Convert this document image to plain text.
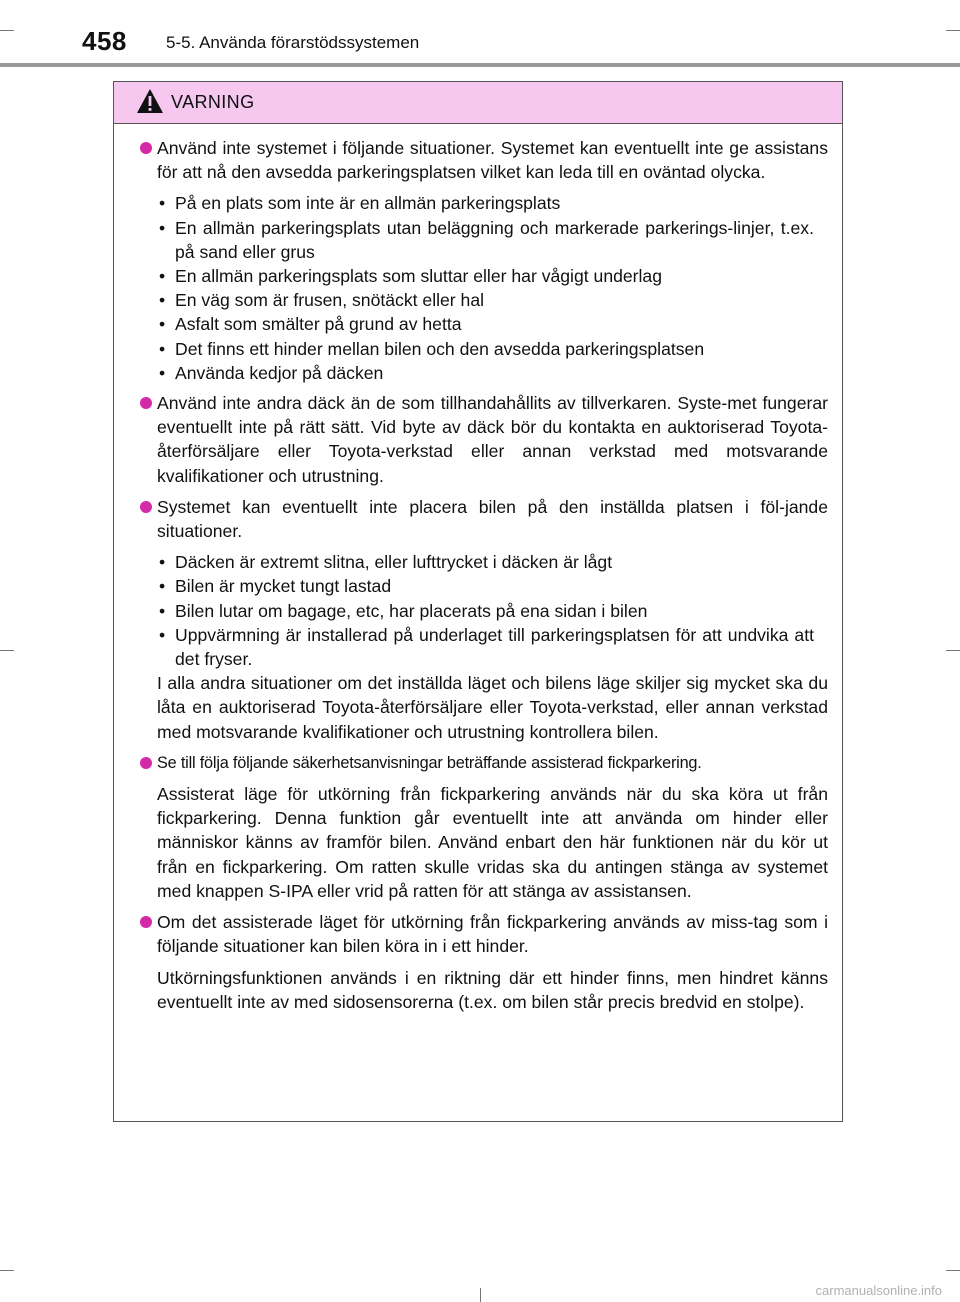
458 5-5. Använda förarstödssystemen
VARNING
Använd inte systemet i följande situationer. Systemet kan eventuellt inte ge assistans för att nå den avsedda parkeringsplatsen vilket kan leda till en oväntad olycka.
• På en plats som inte är en allmän parkeringsplats
• En allmän parkeringsplats utan beläggning och markerade parkerings-linjer, t.ex. på sand eller grus
• En allmän parkeringsplats som sluttar eller har vågigt underlag
• En väg som är frusen, snötäckt eller hal
• Asfalt som smälter på grund av hetta
• Det finns ett hinder mellan bilen och den avsedda parkeringsplatsen
• Använda kedjor på däcken
Använd inte andra däck än de som tillhandahållits av tillverkaren. Syste-met fungerar eventuellt inte på rätt sätt. Vid byte av däck bör du kontakta en auktoriserad Toyota-återförsäljare eller Toyota-verkstad eller annan verkstad med motsvarande kvalifikationer och utrustning.
Systemet kan eventuellt inte placera bilen på den inställda platsen i föl-jande situationer.
• Däcken är extremt slitna, eller lufttrycket i däcken är lågt
• Bilen är mycket tungt lastad
• Bilen lutar om bagage, etc, har placerats på ena sidan i bilen
• Uppvärmning är installerad på underlaget till parkeringsplatsen för att undvika att det fryser.
I alla andra situationer om det inställda läget och bilens läge skiljer sig mycket ska du låta en auktoriserad Toyota-återförsäljare eller Toyota-verkstad, eller annan verkstad med motsvarande kvalifikationer och utrustning kontrollera bilen.
Se till följa följande säkerhetsanvisningar beträffande assisterad fickparkering.
Assisterat läge för utkörning från fickparkering används när du ska köra ut från fickparkering. Denna funktion går eventuellt inte att använda om hinder eller människor känns av framför bilen. Använd enbart den här funktionen när du kör ut från en fickparkering. Om ratten skulle vridas ska du antingen stänga av systemet med knappen S-IPA eller vrid på ratten för att stänga av assistansen.
Om det assisterade läget för utkörning från fickparkering används av miss-tag som i följande situationer kan bilen köra in i ett hinder.
Utkörningsfunktionen används i en riktning där ett hinder finns, men hindret känns eventuellt inte av med sidosensorerna (t.ex. om bilen står precis bredvid en stolpe).
carmanualsonline.info
